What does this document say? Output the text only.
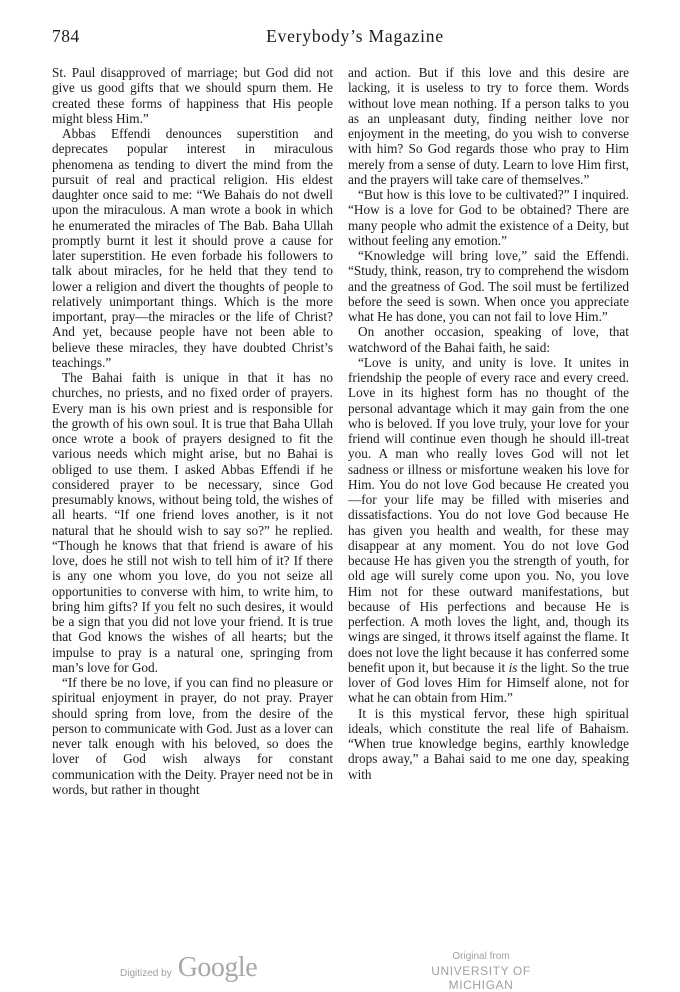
784	Everybody’s Magazine

St. Paul disapproved of marriage; but God did not give us good gifts that we should spurn them. He created these forms of happiness that His people might bless Him.”

Abbas Effendi denounces superstition and deprecates popular interest in miraculous phenomena as tending to divert the mind from the pursuit of real and practical religion. His eldest daughter once said to me: “We Bahais do not dwell upon the miraculous. A man wrote a book in which he enumerated the miracles of The Bab. Baha Ullah promptly burnt it lest it should prove a cause for later superstition. He even forbade his followers to talk about miracles, for he held that they tend to lower a religion and divert the thoughts of people to relatively unimportant things. Which is the more important, pray—the miracles or the life of Christ? And yet, because people have not been able to believe these miracles, they have doubted Christ’s teachings.”

The Bahai faith is unique in that it has no churches, no priests, and no fixed order of prayers. Every man is his own priest and is responsible for the growth of his own soul. It is true that Baha Ullah once wrote a book of prayers designed to fit the various needs which might arise, but no Bahai is obliged to use them. I asked Abbas Effendi if he considered prayer to be necessary, since God presumably knows, without being told, the wishes of all hearts. “If one friend loves another, is it not natural that he should wish to say so?” he replied. “Though he knows that that friend is aware of his love, does he still not wish to tell him of it? If there is any one whom you love, do you not seize all opportunities to converse with him, to write him, to bring him gifts? If you felt no such desires, it would be a sign that you did not love your friend. It is true that God knows the wishes of all hearts; but the impulse to pray is a natural one, springing from man’s love for God.

“If there be no love, if you can find no pleasure or spiritual enjoyment in prayer, do not pray. Prayer should spring from love, from the desire of the person to communicate with God. Just as a lover can never talk enough with his beloved, so does the lover of God wish always for constant communication with the Deity. Prayer need not be in words, but rather in thought

and action. But if this love and this desire are lacking, it is useless to try to force them. Words without love mean nothing. If a person talks to you as an unpleasant duty, finding neither love nor enjoyment in the meeting, do you wish to converse with him? So God regards those who pray to Him merely from a sense of duty. Learn to love Him first, and the prayers will take care of themselves.”

“But how is this love to be cultivated?” I inquired. “How is a love for God to be obtained? There are many people who admit the existence of a Deity, but without feeling any emotion.”

“Knowledge will bring love,” said the Effendi. “Study, think, reason, try to comprehend the wisdom and the greatness of God. The soil must be fertilized before the seed is sown. When once you appreciate what He has done, you can not fail to love Him.”

On another occasion, speaking of love, that watchword of the Bahai faith, he said:

“Love is unity, and unity is love. It unites in friendship the people of every race and every creed. Love in its highest form has no thought of the personal advantage which it may gain from the one who is beloved. If you love truly, your love for your friend will continue even though he should ill-treat you. A man who really loves God will not let sadness or illness or misfortune weaken his love for Him. You do not love God because He created you—for your life may be filled with miseries and dissatisfactions. You do not love God because He has given you health and wealth, for these may disappear at any moment. You do not love God because He has given you the strength of youth, for old age will surely come upon you. No, you love Him not for these outward manifestations, but because of His perfections and because He is perfection. A moth loves the light, and, though its wings are singed, it throws itself against the flame. It does not love the light because it has conferred some benefit upon it, but because it is the light. So the true lover of God loves Him for Himself alone, not for what he can obtain from Him.”

It is this mystical fervor, these high spiritual ideals, which constitute the real life of Bahaism. “When true knowledge begins, earthly knowledge drops away,” a Bahai said to me one day, speaking with

Digitized by Google	Original from
UNIVERSITY OF MICHIGAN
